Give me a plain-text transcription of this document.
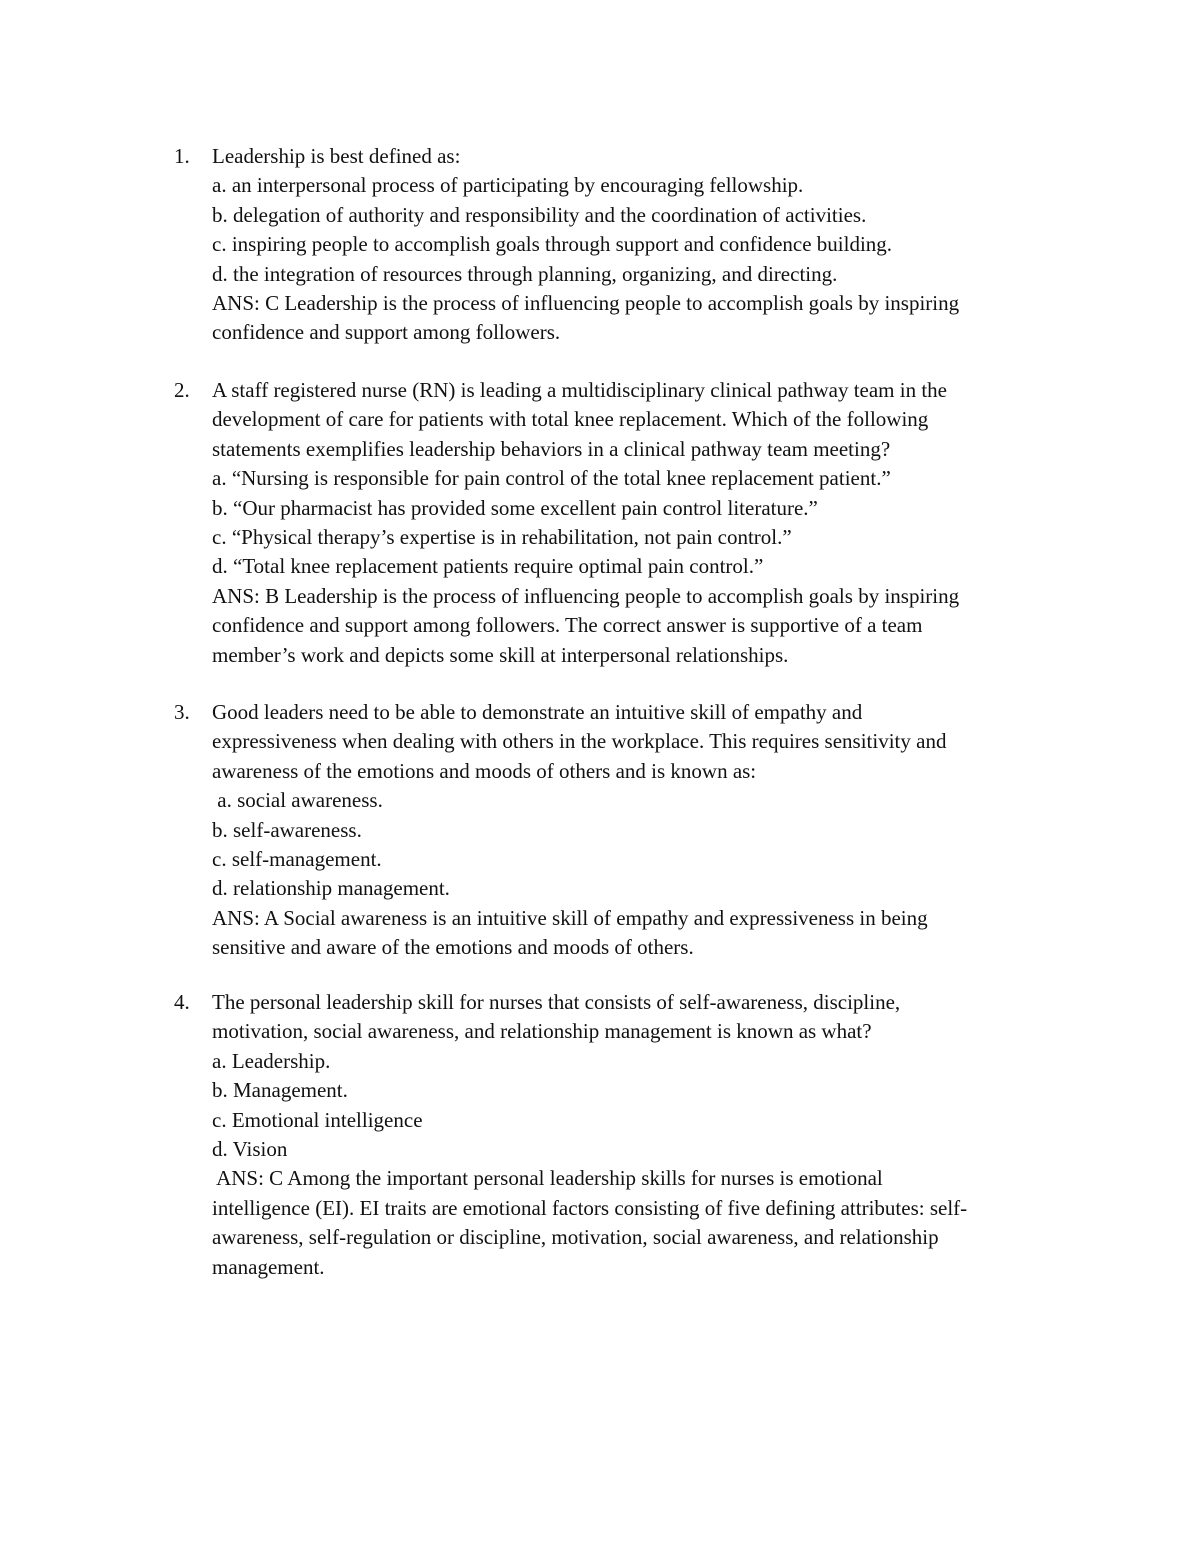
1.	Leadership is best defined as:
a. an interpersonal process of participating by encouraging fellowship.
b. delegation of authority and responsibility and the coordination of activities.
c. inspiring people to accomplish goals through support and confidence building.
d. the integration of resources through planning, organizing, and directing.
ANS: C Leadership is the process of influencing people to accomplish goals by inspiring
confidence and support among followers.
2.	A staff registered nurse (RN) is leading a multidisciplinary clinical pathway team in the
development of care for patients with total knee replacement. Which of the following
statements exemplifies leadership behaviors in a clinical pathway team meeting?
a. “Nursing is responsible for pain control of the total knee replacement patient.”
b. “Our pharmacist has provided some excellent pain control literature.”
c. “Physical therapy’s expertise is in rehabilitation, not pain control.”
d. “Total knee replacement patients require optimal pain control.”
ANS: B Leadership is the process of influencing people to accomplish goals by inspiring
confidence and support among followers. The correct answer is supportive of a team
member’s work and depicts some skill at interpersonal relationships.
3.	Good leaders need to be able to demonstrate an intuitive skill of empathy and
expressiveness when dealing with others in the workplace. This requires sensitivity and
awareness of the emotions and moods of others and is known as:
a. social awareness.
b. self-awareness.
c. self-management.
d. relationship management.
ANS: A Social awareness is an intuitive skill of empathy and expressiveness in being
sensitive and aware of the emotions and moods of others.
4.	The personal leadership skill for nurses that consists of self-awareness, discipline,
motivation, social awareness, and relationship management is known as what?
a. Leadership.
b. Management.
c. Emotional intelligence
d. Vision
ANS: C Among the important personal leadership skills for nurses is emotional
intelligence (EI). EI traits are emotional factors consisting of five defining attributes: self-
awareness, self-regulation or discipline, motivation, social awareness, and relationship
management.
